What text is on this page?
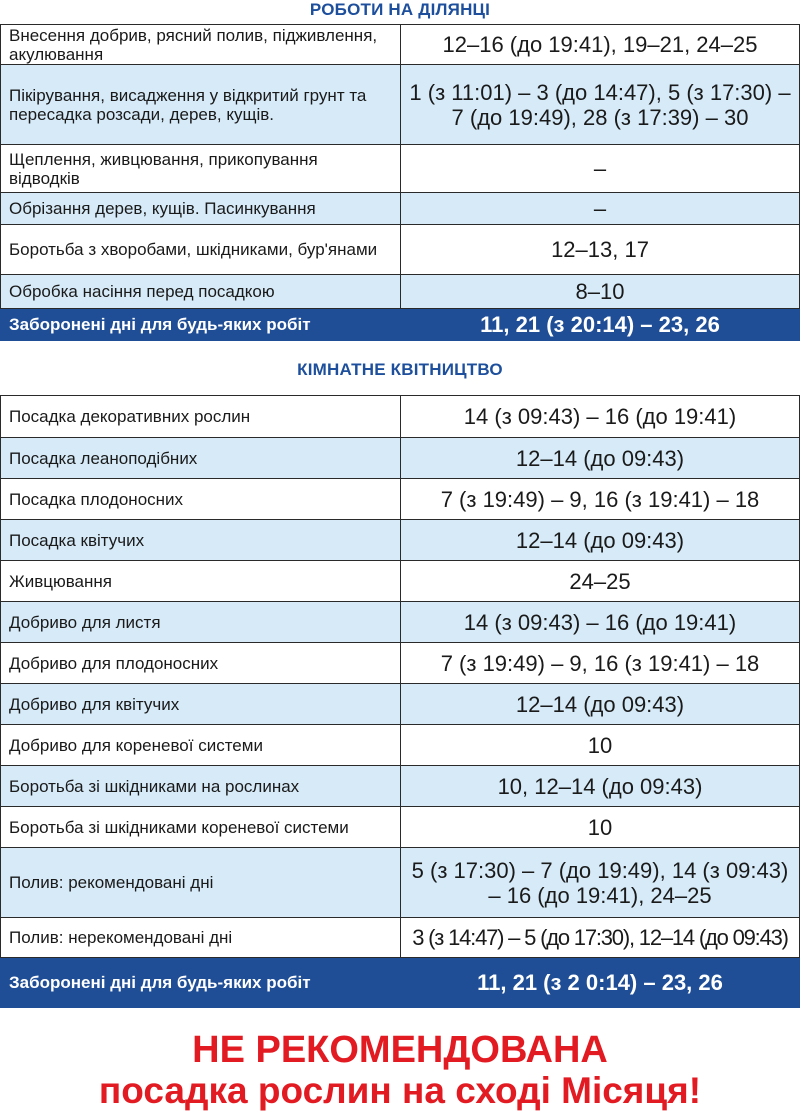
РОБОТИ НА ДІЛЯНЦІ
Внесення добрив, рясний полив, підживлення, акулювання	12–16 (до 19:41), 19–21, 24–25
Пікірування, висадження у відкритий грунт та пересадка розсади, дерев, кущів.	1 (з 11:01) – 3 (до 14:47), 5 (з 17:30) – 7 (до 19:49), 28 (з 17:39) – 30
Щеплення, живцювання, прикопування відводків	–
Обрізання дерев, кущів. Пасинкування	–
Боротьба з хворобами, шкідниками, бур'янами	12–13, 17
Обробка насіння перед посадкою	8–10
Заборонені дні для будь-яких робіт	11, 21 (з 20:14) – 23, 26
КІМНАТНЕ КВІТНИЦТВО
Посадка декоративних рослин	14 (з 09:43) – 16 (до 19:41)
Посадка леаноподібних	12–14 (до 09:43)
Посадка плодоносних	7 (з 19:49) – 9, 16 (з 19:41) – 18
Посадка квітучих	12–14 (до 09:43)
Живцювання	24–25
Добриво для листя	14 (з 09:43) – 16 (до 19:41)
Добриво для плодоносних	7 (з 19:49) – 9, 16 (з 19:41) – 18
Добриво для квітучих	12–14 (до 09:43)
Добриво для кореневої системи	10
Боротьба зі шкідниками на рослинах	10, 12–14 (до 09:43)
Боротьба зі шкідниками кореневої системи	10
Полив: рекомендовані дні	5 (з 17:30) – 7 (до 19:49), 14 (з 09:43) – 16 (до 19:41), 24–25
Полив: нерекомендовані дні	3 (з 14:47) – 5 (до 17:30), 12–14 (до 09:43)
Заборонені дні для будь-яких робіт	11, 21 (з 2 0:14) – 23, 26
НЕ РЕКОМЕНДОВАНА
посадка рослин на сході Місяця!
